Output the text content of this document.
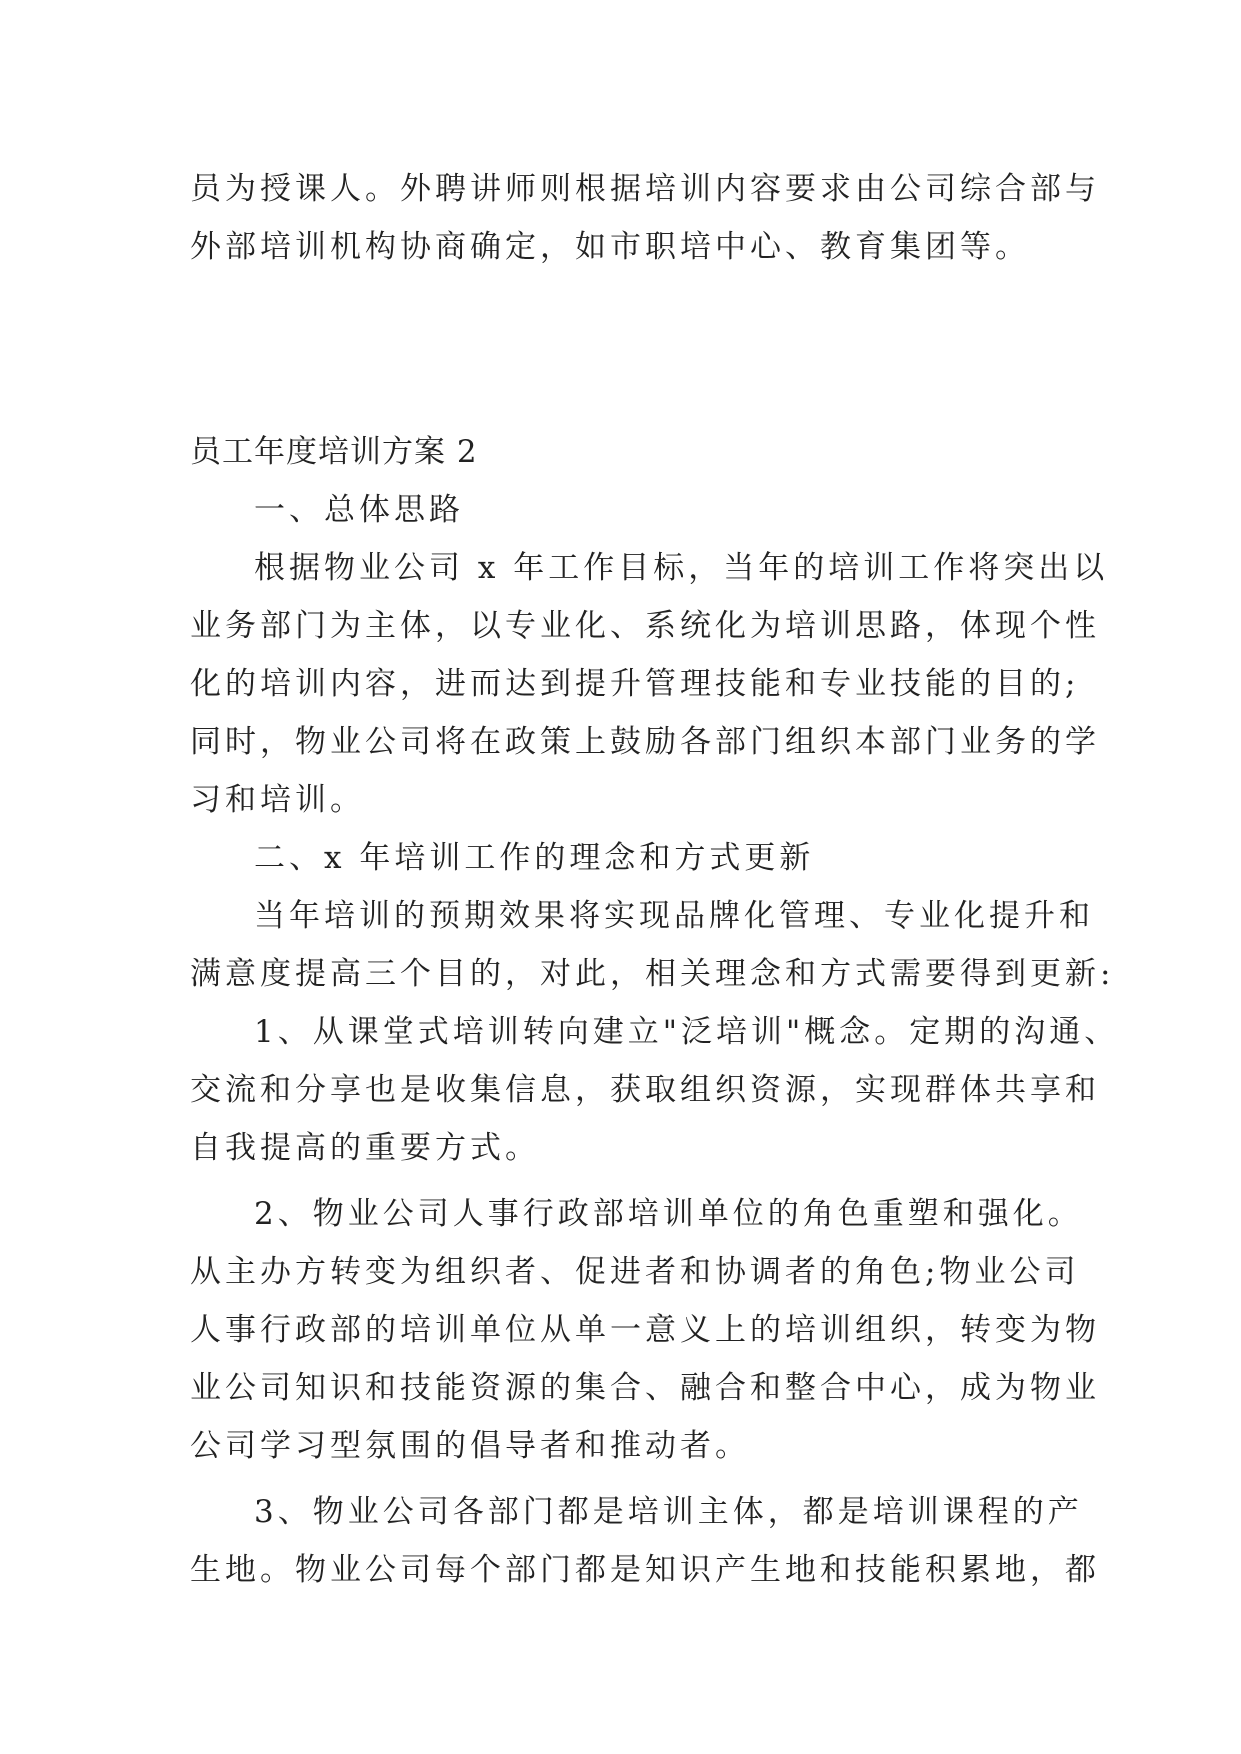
员为授课人。外聘讲师则根据培训内容要求由公司综合部与

外部培训机构协商确定，如市职培中心、教育集团等。

员工年度培训方案 2

一、总体思路

根据物业公司 x 年工作目标，当年的培训工作将突出以

业务部门为主体，以专业化、系统化为培训思路，体现个性

化的培训内容，进而达到提升管理技能和专业技能的目的;

同时，物业公司将在政策上鼓励各部门组织本部门业务的学

习和培训。

二、x 年培训工作的理念和方式更新

当年培训的预期效果将实现品牌化管理、专业化提升和

满意度提高三个目的，对此，相关理念和方式需要得到更新:

1、从课堂式培训转向建立"泛培训"概念。定期的沟通、

交流和分享也是收集信息，获取组织资源，实现群体共享和

自我提高的重要方式。

2、物业公司人事行政部培训单位的角色重塑和强化。

从主办方转变为组织者、促进者和协调者的角色;物业公司

人事行政部的培训单位从单一意义上的培训组织，转变为物

业公司知识和技能资源的集合、融合和整合中心，成为物业

公司学习型氛围的倡导者和推动者。

3、物业公司各部门都是培训主体，都是培训课程的产

生地。物业公司每个部门都是知识产生地和技能积累地，都
